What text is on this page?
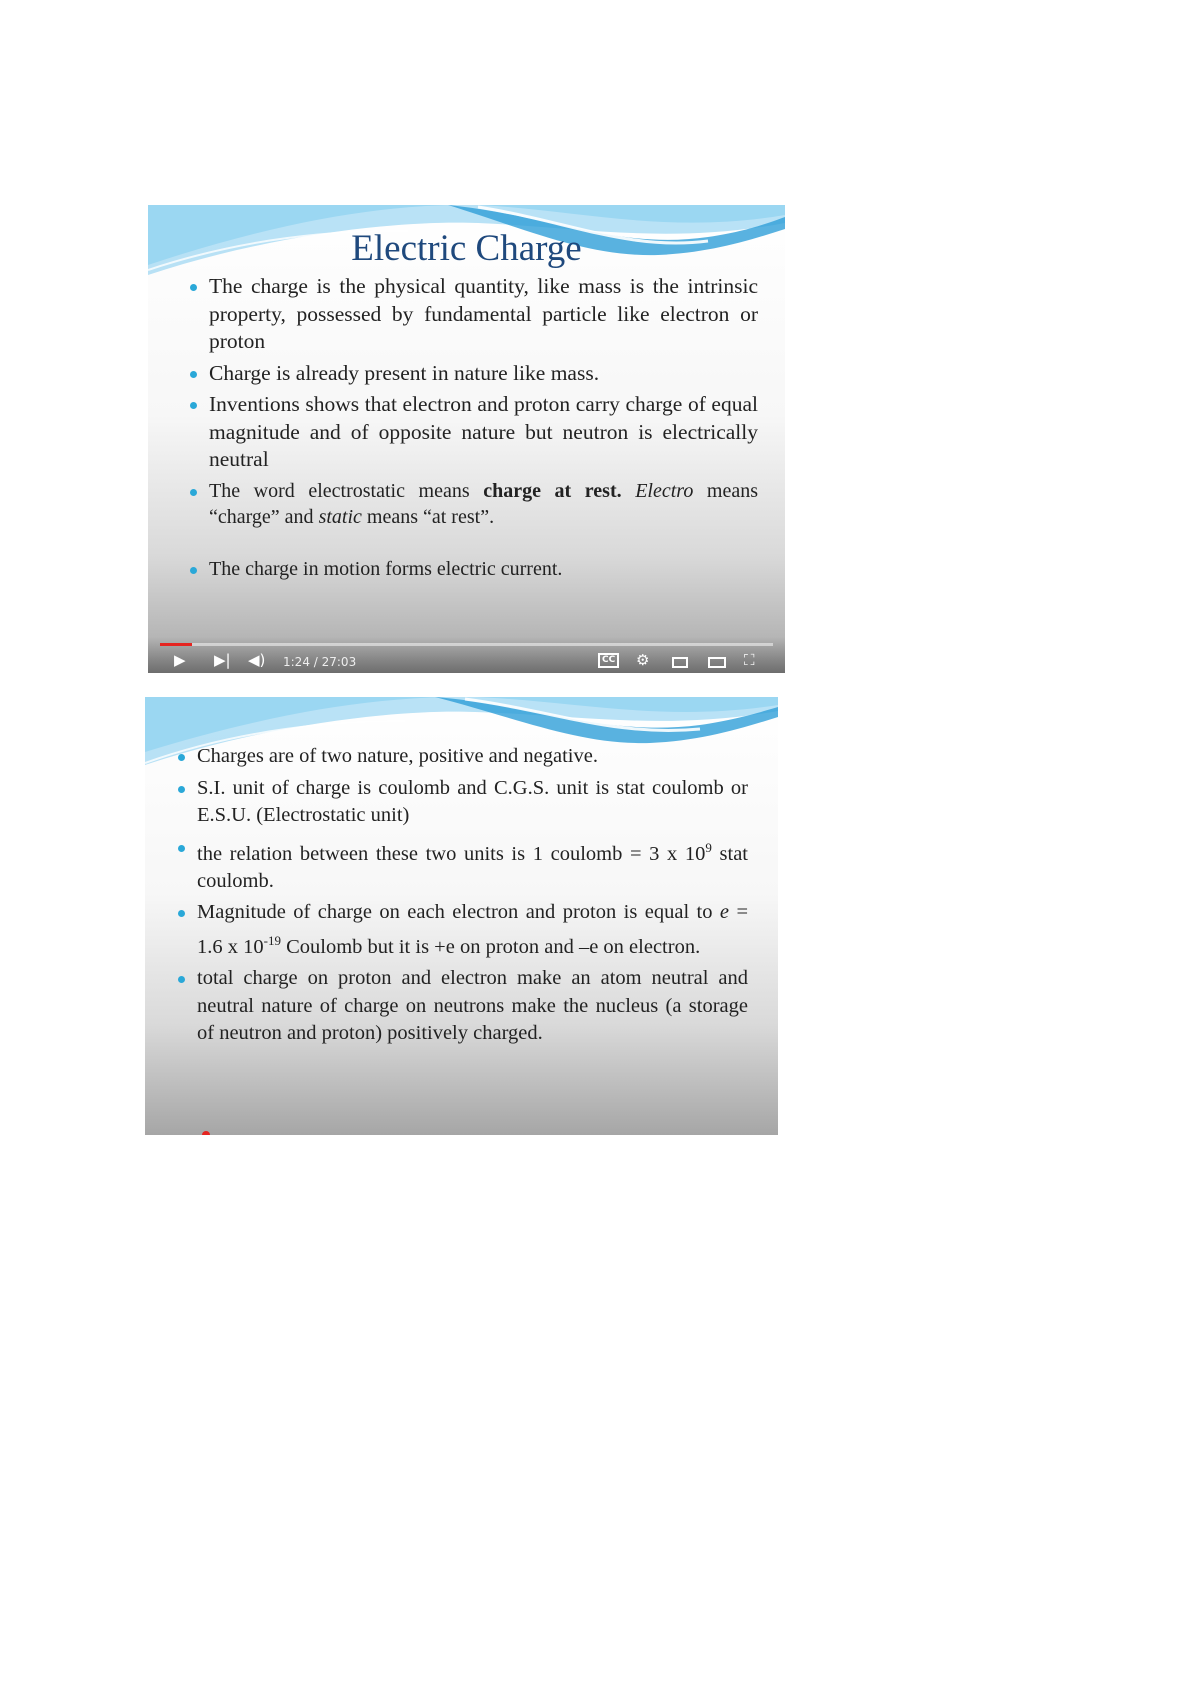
Electric Charge
The charge is the physical quantity, like mass is the intrinsic property, possessed by fundamental particle like electron or proton
Charge is already present in nature like mass.
Inventions shows that electron and proton carry charge of equal magnitude and of opposite nature but neutron is electrically neutral
The word electrostatic means charge at rest. Electro means “charge” and static means “at rest”.
The charge in motion forms electric current.
▶ ▶| ◀) 1:24 / 27:03	CC ⚙	⛶
Charges are of two nature, positive and negative.
S.I. unit of charge is coulomb and C.G.S. unit is stat coulomb or E.S.U. (Electrostatic unit)
the relation between these two units is 1 coulomb = 3 x $10^9$ stat coulomb.
Magnitude of charge on each electron and proton is equal to e = 1.6 x $10^{-19}$ Coulomb but it is +e on proton and –e on electron.
total charge on proton and electron make an atom neutral and neutral nature of charge on neutrons make the nucleus (a storage of neutron and proton) positively charged.
